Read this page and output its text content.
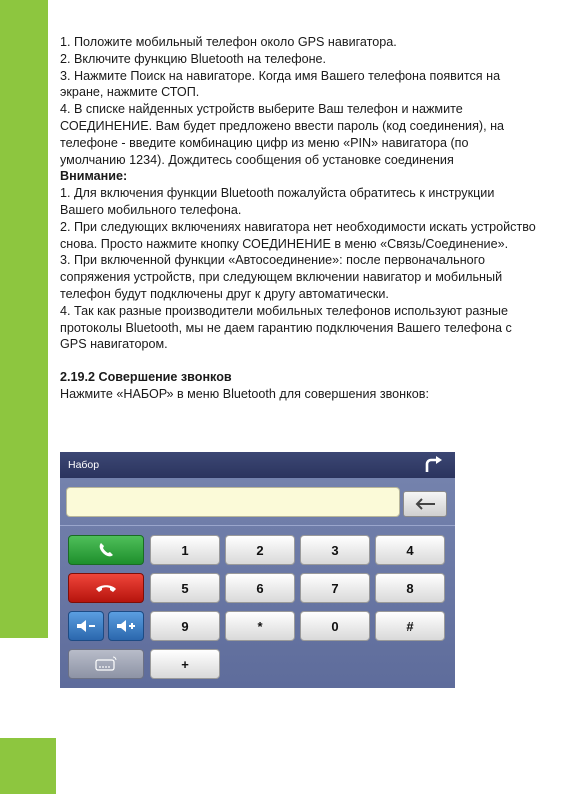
1. Положите мобильный телефон около GPS навигатора.

2. Включите функцию Bluetooth на телефоне.

3. Нажмите Поиск на навигаторе. Когда имя Вашего телефона появится на экране, нажмите СТОП.

4. В списке найденных устройств выберите Ваш телефон и нажмите СОЕДИНЕНИЕ. Вам будет предложено ввести пароль (код соединения), на телефоне - введите комбинацию цифр из меню «PIN» навигатора (по умолчанию 1234). Дождитесь сообщения об установке соединения

Внимание:

1. Для включения функции Bluetooth пожалуйста обратитесь к инструкции Вашего мобильного телефона.

2. При следующих включениях навигатора нет необходимости искать устройство снова. Просто нажмите кнопку СОЕДИНЕНИЕ в меню «Связь/Соединение».

3. При включенной функции «Автосоединение»: после первоначального сопряжения устройств, при следующем включении навигатор и мобильный телефон будут подключены друг к другу автоматически.

4. Так как разные производители мобильных телефонов используют разные протоколы Bluetooth, мы не даем гарантию подключения Вашего телефона с GPS навигатором.

2.19.2 Совершение звонков

Нажмите «НАБОР» в меню Bluetooth для совершения звонков:

Набор
1	2	3	4
5	6	7	8
9	*	0	#
+
